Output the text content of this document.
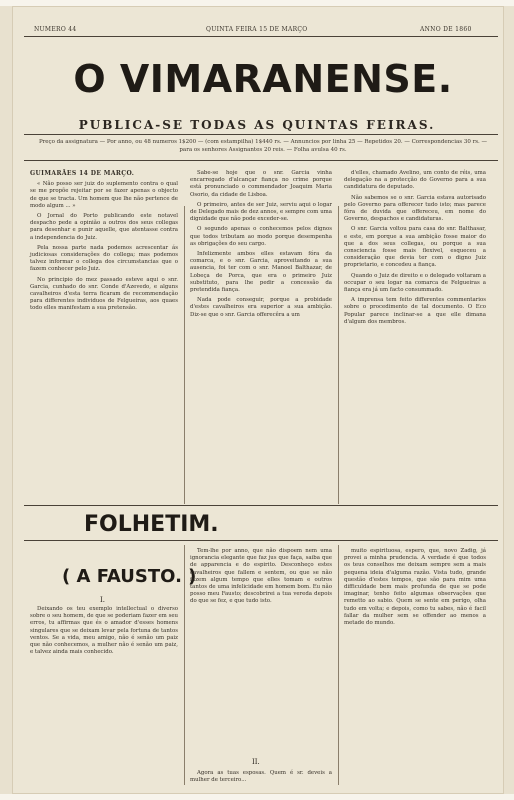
NUMERO 44	QUINTA FEIRA 15 DE MARÇO	ANNO DE 1860
O VIMARANENSE.
PUBLICA-SE TODAS AS QUINTAS FEIRAS.
Preço da assignatura — Por anno, ou 48 numeros 1$200 — (com estampilha) 1$440 rs. — Annuncios por linha 25 — Repetidos 20. — Correspondencias 30 rs. — para os senhores Assignantes 20 reis. — Folha avulsa 40 rs.
GUIMARÃES 14 DE MARÇO.
« Não posso ser juiz do suplemento contra o qual se me propõe rejeitar por se fazer apenas o objecto de que se tracta. Um homem que lhe não pertence de modo algum ... »
O Jornal do Porto publicando este notavel despacho pede a opinião a outros dos seus collegas para desenhar e punir aquelle, que atentasse contra a independencia do Juiz.
Pela nossa parte nada podemos acrescentar ás judiciosas considerações do collega; mas podemos talvez informar o collega dos circumstancias que o fazem conhecer pelo Juiz.
No principio do mez passado esteve aqui o snr. Garcia, cunhado do snr. Conde d'Azevedo, e alguns cavalheiros d'esta terra ficaram de recommendação para differentes individuos de Felgueiras, aos quaes todo elles manifestam a sua pretensão.
Sabe-se hoje que o snr. Garcia vinha encarregado d'alcançar fiança no crime porque está pronunciado o commendador Joaquim Maria Osorio, da cidade de Lisboa.
O primeiro, antes de ser Juiz, serviu aqui o logar de Delegado mais de dez annos, e sempre com uma dignidade que não pode exceder-se.
O segundo apenas o conhecemos pelos dignos que todos tributam ao modo porque desempenha as obrigações do seu cargo.
Infelizmente ambos elles estavam fóra da comarca, e o snr. Garcia, aproveitando a sua ausencia, foi ter com o snr. Manoel Balthazar, de Lobeça de Porca, que era o primeiro Juiz substituto, para lhe pedir a concessão da pretendida fiança.
Nada pode conseguir, porque a probidade d'estes cavalheiros era superior a sua ambição. Diz-se que o snr. Garcia offerecêra a um
d'elles, chamado Avelino, um conto de réis, uma delegação na a protecção do Governo para a sua candidatura de deputado.
Não sabemos se o snr. Garcia estava autorisado pelo Governo para offerecer tudo isto; mas parece fóra de duvida que offereceu, em nome do Governo, despachos e candidaturas.
O snr. Garcia voltou para casa do snr. Balthasar, e este, em porque a sua ambição fosse maior do que a dos seus collegas, ou porque a sua consciencia fosse mais flexivel, esqueceu a consideração que devia ter com o digno Juiz proprietario, e concedeu a fiança.
Quando o Juiz de direito e o delegado voltaram a occupar o seu logar na comarca de Felgueiras a fiança era já um facto consummado.
A imprensa tem feito differentes commentarios sobre o procedimento de tal documento. O Eco Popular parece inclinar-se a que elle dimana d'algum dos membros.
FOLHETIM.
( A FAUSTO. )
I.
Deixando os teu exemplo intellectual o diverso sobre o seu homem, de que se poderiam fazer em seu erros, tu affirmas que és o amador d'esses homens singulares que se deixam levar pela fortuna de tantos ventos. Se a vida, meu amigo, não é senão um paiz que não conhecemos, a mulher não é senão um paiz, e talvez ainda mais conhecido.
Tem-lhe por anno, que não dispoem nem uma ignorancia elegante que faz jus que faça, saiba que de apparencia e do espirito. Desconheço estes cavalheiros que fallem e sentem, ou que se não fazem algum tempo que elles tomam e outros tantos de uma infelicidade em homem bom. Eu não posso meu Fausto; descobrirei a tua vereda depois do que se fez, e que tudo isto.
II.
Agora as tuas esposas. Quem é sr. deveis a mulher de terceiro...
muito espirituosa, espero, que, novo Zadig, já provei a minha prudencia. A verdade é que todos os teus conselhos me deixam sempre sem a mais pequena ideia d'alguma razão. Vista tudo, grande questão d'estes tempos, que são para mim uma difficuldade bem mais profunda de que se pode imaginar, tenho feito algumas observações que remetto ao sabio. Quem se sente em perigo, olha tudo em volta; e depois, como tu sabes, não é facil fallar da mulher sem se offender ao menos a metade do mundo.
